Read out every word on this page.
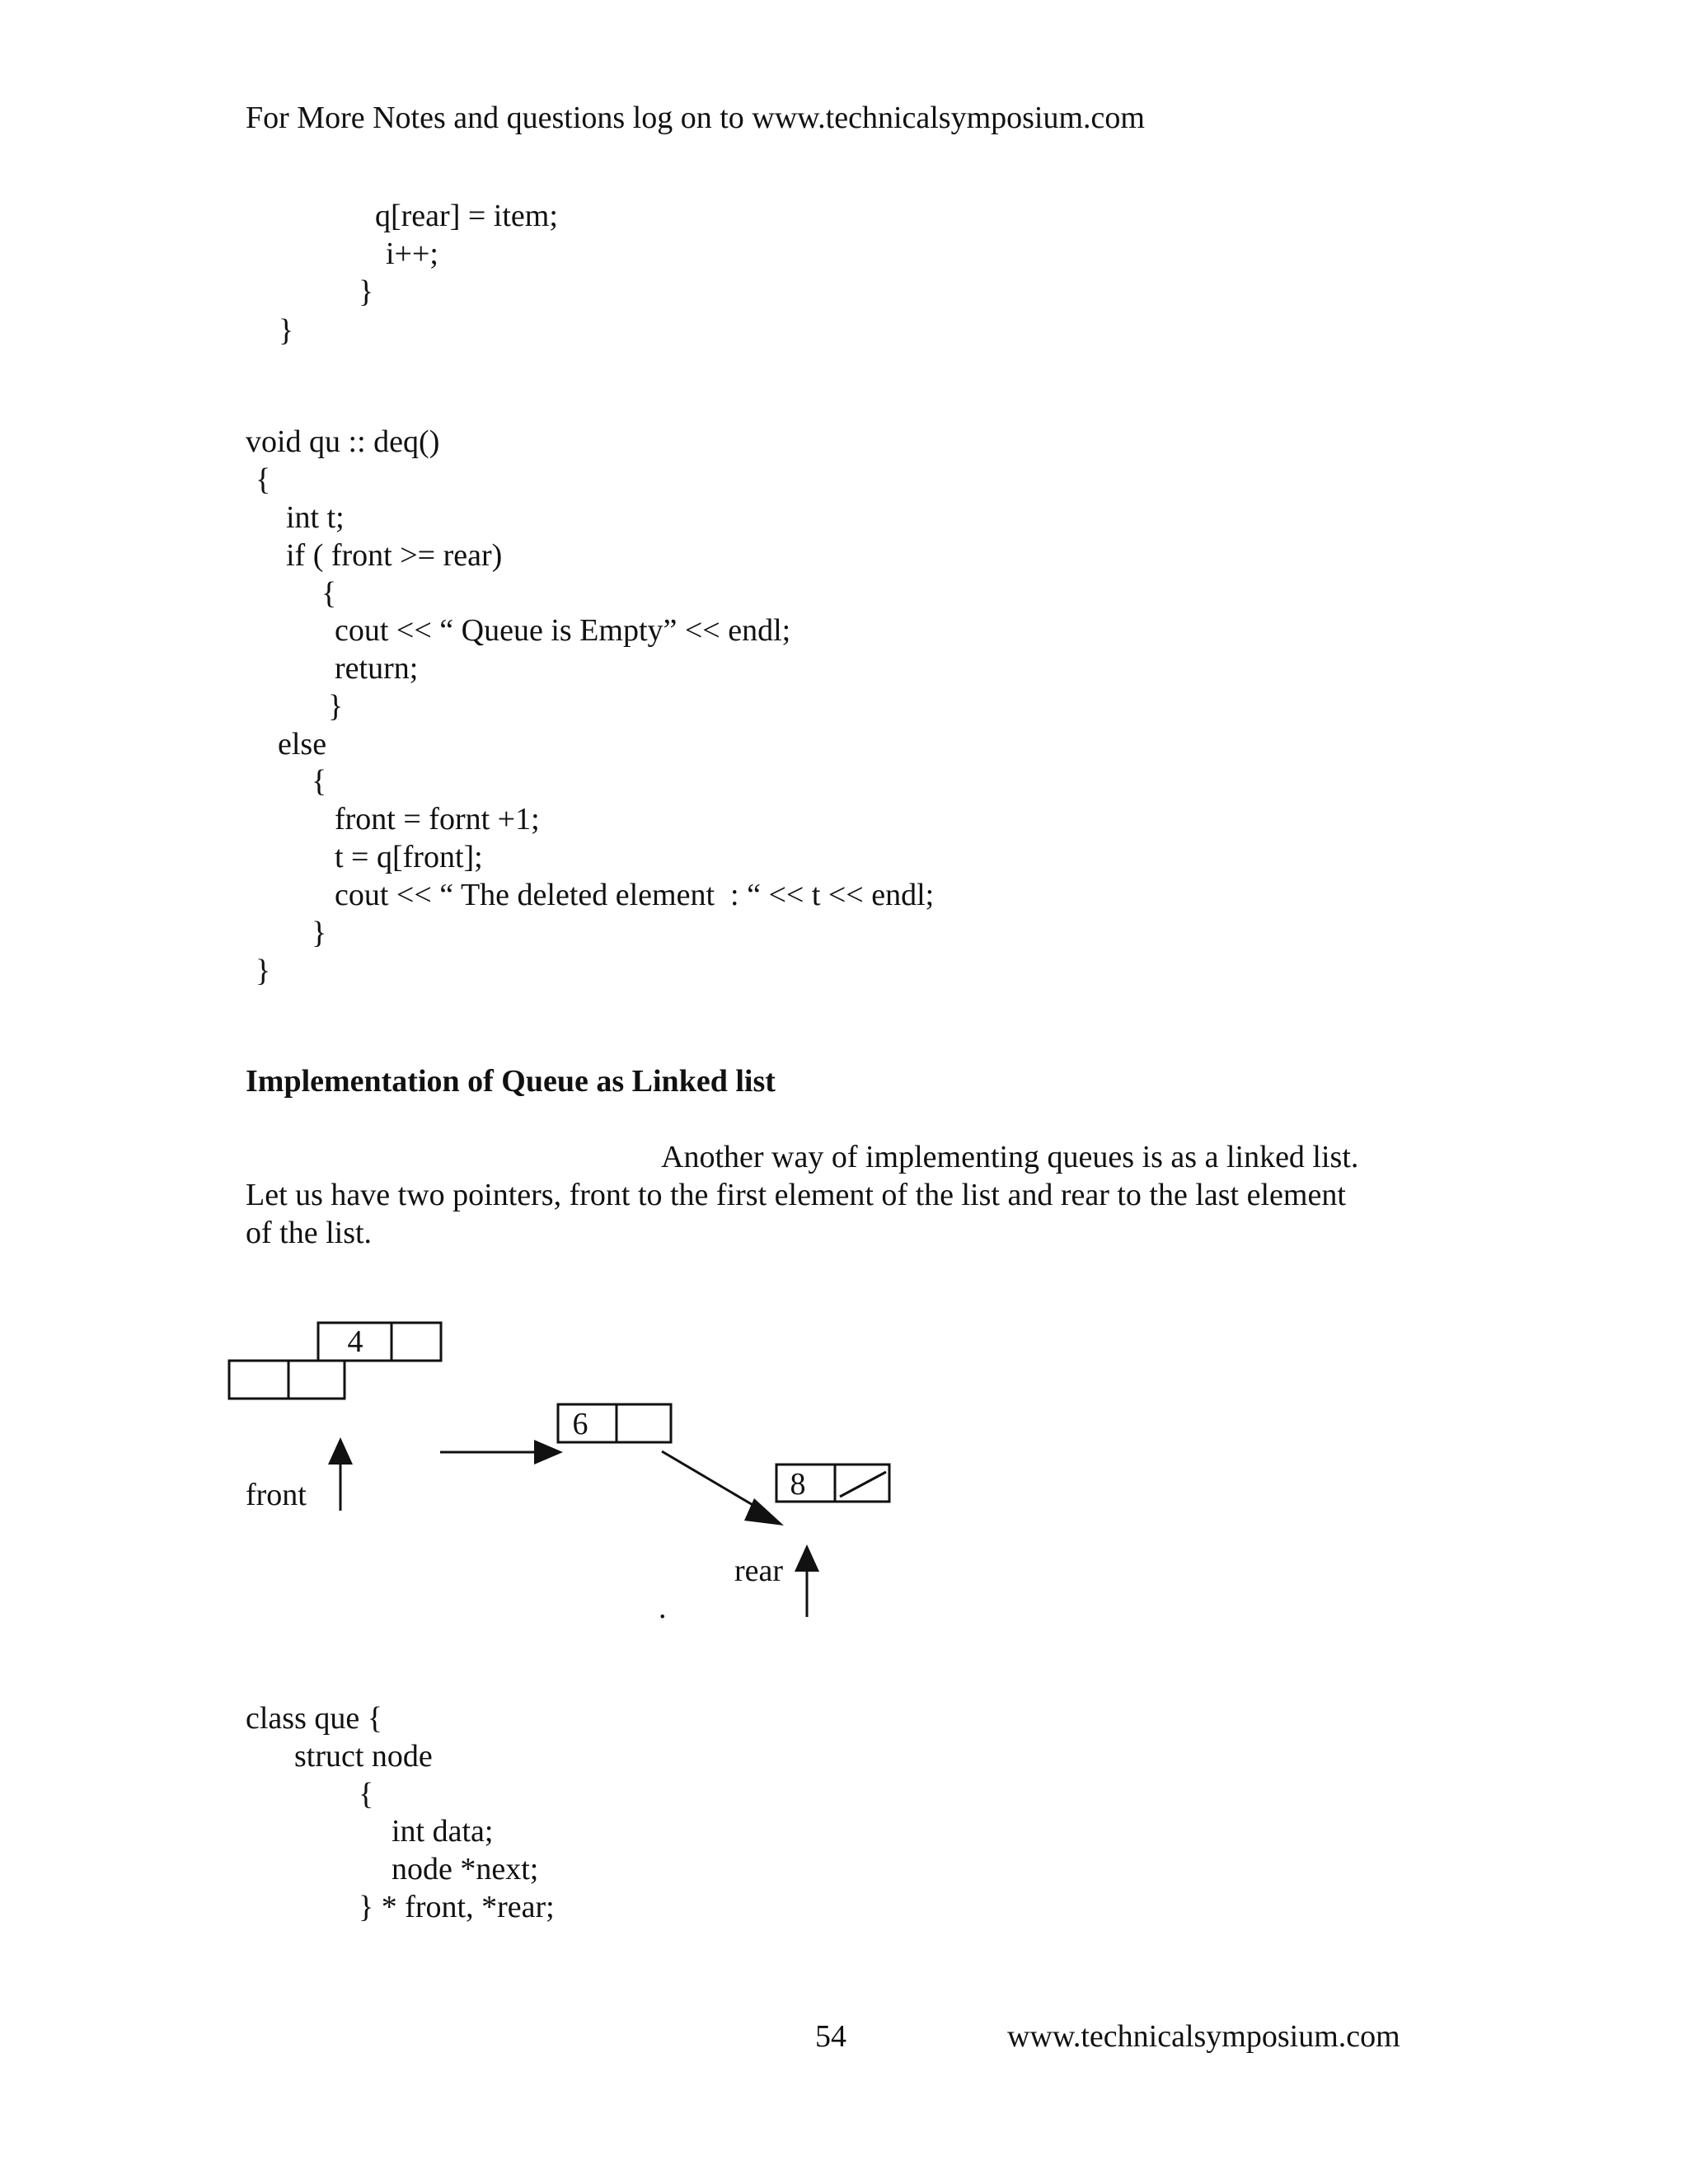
For More Notes and questions log on to www.technicalsymposium.com

q[rear] = item;

i++;

}

}

void qu :: deq()

{

int t;

if ( front >= rear)

{

cout << “ Queue is Empty” << endl;

return;

}

else

{

front = fornt +1;

t = q[front];

cout << “ The deleted element  : “ << t << endl;

}

}

Implementation of Queue as Linked list

Another way of implementing queues is as a linked list.

Let us have two pointers, front to the first element of the list and rear to the last element

of the list.

4
6
8
front
rear
.

class que {

struct node

{

int data;

node *next;

} * front, *rear;

54	www.technicalsymposium.com
